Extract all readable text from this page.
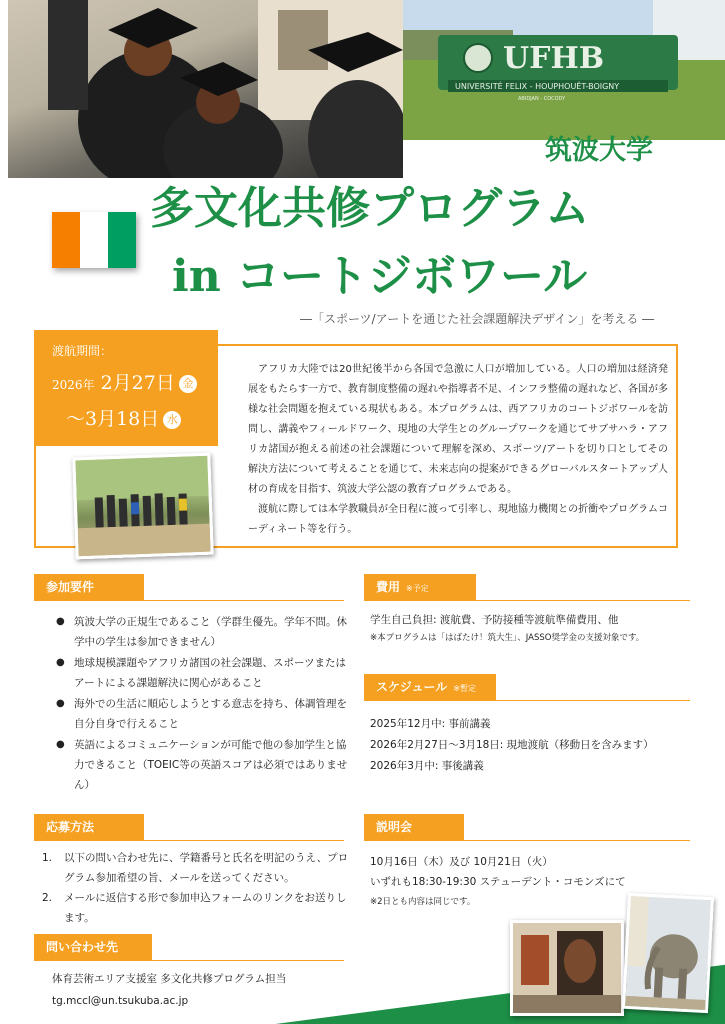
UFHB
UNIVERSITÉ FELIX - HOUPHOUËT-BOIGNY
ABIDJAN - COCODY
筑波大学
多文化共修プログラム
in コートジボワール
―「スポーツ/アートを通じた社会課題解決デザイン」を考える ―
渡航期間：
2026年 2月27日 金
～3月18日 水

アフリカ大陸では20世紀後半から各国で急激に人口が増加している。人口の増加は経済発展をもたらす一方で、教育制度整備の遅れや指導者不足、インフラ整備の遅れなど、各国が多様な社会問題を抱えている現状もある。本プログラムは、西アフリカのコートジボワールを訪問し、講義やフィールドワーク、現地の大学生とのグループワークを通じてサブサハラ・アフリカ諸国が抱える前述の社会課題について理解を深め、スポーツ/アートを切り口としてその解決方法について考えることを通じて、未来志向の提案ができるグローバルスタートアップ人材の育成を目指す、筑波大学公認の教育プログラムである。

渡航に際しては本学教職員が全日程に渡って引率し、現地協力機関との折衝やプログラムコーディネート等を行う。

参加要件
● 筑波大学の正規生であること（学群生優先。学年不問。休学中の学生は参加できません）
● 地球規模課題やアフリカ諸国の社会課題、スポーツまたはアートによる課題解決に関心があること
● 海外での生活に順応しようとする意志を持ち、体調管理を自分自身で行えること
● 英語によるコミュニケーションが可能で他の参加学生と協力できること（TOEIC等の英語スコアは必須ではありません）
応募方法
1. 以下の問い合わせ先に、学籍番号と氏名を明記のうえ、プログラム参加希望の旨、メールを送ってください。
2. メールに返信する形で参加申込フォームのリンクをお送りします。
問い合わせ先
体育芸術エリア支援室 多文化共修プログラム担当
tg.mccl@un.tsukuba.ac.jp
費用 ※予定
学生自己負担: 渡航費、予防接種等渡航準備費用、他
※本プログラムは「はばたけ！筑大生」、JASSO奨学金の支援対象です。
スケジュール ※暫定
2025年12月中: 事前講義
2026年2月27日～3月18日: 現地渡航（移動日を含みます）
2026年3月中: 事後講義
説明会
10月16日（木）及び 10月21日（火）
いずれも18:30-19:30 ステューデント・コモンズにて
※2日とも内容は同じです。
